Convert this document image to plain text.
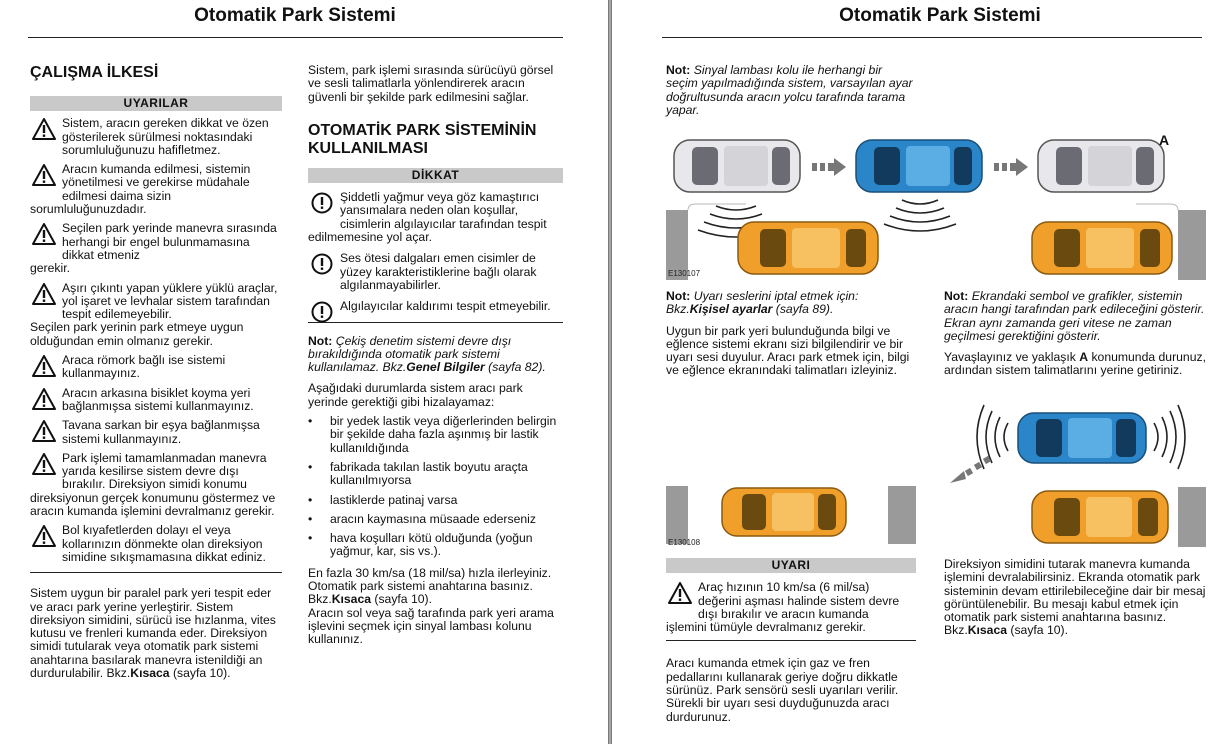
Otomatik Park Sistemi
ÇALIŞMA İLKESİ
UYARILAR
Sistem, aracın gereken dikkat ve özen gösterilerek sürülmesi noktasındaki sorumluluğunuzu hafifletmez.
Aracın kumanda edilmesi, sistemin yönetilmesi ve gerekirse müdahale edilmesi daima sizin
sorumluluğunuzdadır.
Seçilen park yerinde manevra sırasında herhangi bir engel bulunmamasına dikkat etmeniz
gerekir.
Aşırı çıkıntı yapan yüklere yüklü araçlar, yol işaret ve levhalar sistem tarafından tespit edilemeyebilir.
Seçilen park yerinin park etmeye uygun olduğundan emin olmanız gerekir.
Araca römork bağlı ise sistemi kullanmayınız.
Aracın arkasına bisiklet koyma yeri bağlanmışsa sistemi kullanmayınız.
Tavana sarkan bir eşya bağlanmışsa sistemi kullanmayınız.
Park işlemi tamamlanmadan manevra yarıda kesilirse sistem devre dışı bırakılır. Direksiyon simidi konumu
direksiyonun gerçek konumunu göstermez ve aracın kumanda işlemini devralmanız gerekir.
Bol kıyafetlerden dolayı el veya kollarınızın dönmekte olan direksiyon simidine sıkışmamasına dikkat ediniz.
Sistem uygun bir paralel park yeri tespit eder ve aracı park yerine yerleştirir. Sistem direksiyon simidini, sürücü ise hızlanma, vites kutusu ve frenleri kumanda eder. Direksiyon simidi tutularak veya otomatik park sistemi anahtarına basılarak manevra istenildiği an durdurulabilir. Bkz.Kısaca (sayfa 10).
Sistem, park işlemi sırasında sürücüyü görsel ve sesli talimatlarla yönlendirerek aracın güvenli bir şekilde park edilmesini sağlar.
OTOMATİK PARK SİSTEMİNİN KULLANILMASI
DİKKAT
Şiddetli yağmur veya göz kamaştırıcı yansımalara neden olan koşullar, cisimlerin algılayıcılar tarafından tespit
edilmemesine yol açar.
Ses ötesi dalgaları emen cisimler de yüzey karakteristiklerine bağlı olarak algılanmayabilirler.
Algılayıcılar kaldırımı tespit etmeyebilir.
Not: Çekiş denetim sistemi devre dışı bırakıldığında otomatik park sistemi kullanılamaz. Bkz.Genel Bilgiler (sayfa 82).
Aşağıdaki durumlarda sistem aracı park yerinde gerektiği gibi hizalayamaz:
• bir yedek lastik veya diğerlerinden belirgin bir şekilde daha fazla aşınmış bir lastik kullanıldığında
• fabrikada takılan lastik boyutu araçta kullanılmıyorsa
• lastiklerde patinaj varsa
• aracın kaymasına müsaade ederseniz
• hava koşulları kötü olduğunda (yoğun yağmur, kar, sis vs.).
En fazla 30 km/sa (18 mil/sa) hızla ilerleyiniz. Otomatik park sistemi anahtarına basınız. Bkz.Kısaca (sayfa 10).
Aracın sol veya sağ tarafında park yeri arama işlevini seçmek için sinyal lambası kolunu kullanınız.
Otomatik Park Sistemi
Not: Sinyal lambası kolu ile herhangi bir seçim yapılmadığında sistem, varsayılan ayar doğrultusunda aracın yolcu tarafında tarama yapar.
E130107
A
Not: Uyarı seslerini iptal etmek için: Bkz.Kişisel ayarlar (sayfa 89).
Uygun bir park yeri bulunduğunda bilgi ve eğlence sistemi ekranı sizi bilgilendirir ve bir uyarı sesi duyulur. Aracı park etmek için, bilgi ve eğlence ekranındaki talimatları izleyiniz.
E130108
UYARI
Araç hızının 10 km/sa (6 mil/sa) değerini aşması halinde sistem devre dışı bırakılır ve aracın kumanda
işlemini tümüyle devralmanız gerekir.
Aracı kumanda etmek için gaz ve fren pedallarını kullanarak geriye doğru dikkatle sürünüz. Park sensörü sesli uyarıları verilir. Sürekli bir uyarı sesi duyduğunuzda aracı durdurunuz.
Not: Ekrandaki sembol ve grafikler, sistemin aracın hangi tarafından park edileceğini gösterir. Ekran aynı zamanda geri vitese ne zaman geçilmesi gerektiğini gösterir.
Yavaşlayınız ve yaklaşık A konumunda durunuz, ardından sistem talimatlarını yerine getiriniz.
Direksiyon simidini tutarak manevra kumanda işlemini devralabilirsiniz. Ekranda otomatik park sisteminin devam ettirilebileceğine dair bir mesaj görüntülenebilir. Bu mesajı kabul etmek için otomatik park sistemi anahtarına basınız. Bkz.Kısaca (sayfa 10).
